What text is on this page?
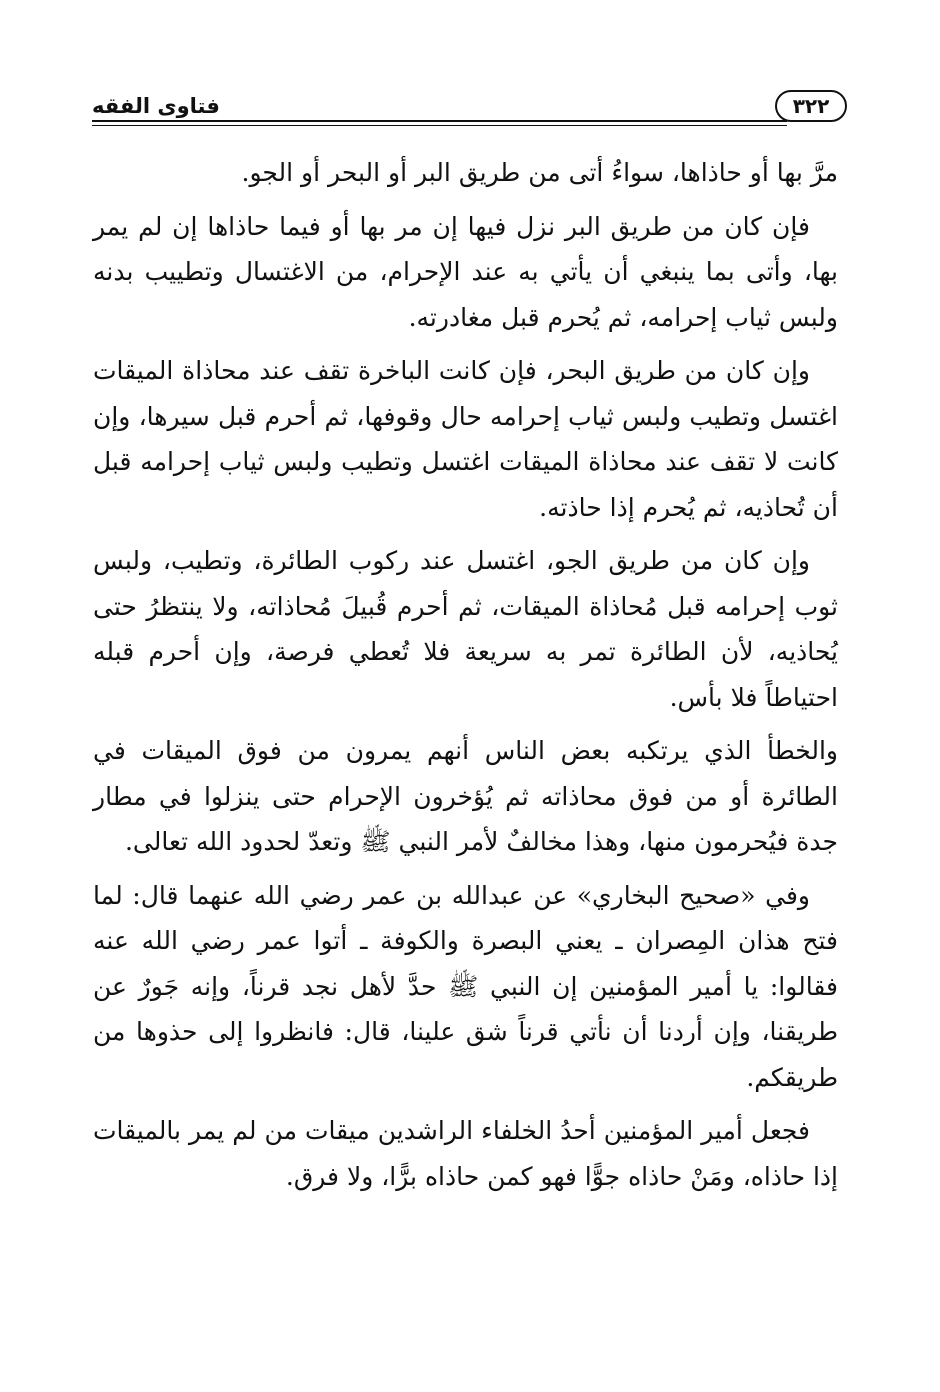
فتاوى الفقه	٣٢٢

مرَّ بها أو حاذاها، سواءُ أتى من طريق البر أو البحر أو الجو.

فإن كان من طريق البر نزل فيها إن مر بها أو فيما حاذاها إن لم يمر بها، وأتى بما ينبغي أن يأتي به عند الإحرام، من الاغتسال وتطييب بدنه ولبس ثياب إحرامه، ثم يُحرم قبل مغادرته.

وإن كان من طريق البحر، فإن كانت الباخرة تقف عند محاذاة الميقات اغتسل وتطيب ولبس ثياب إحرامه حال وقوفها، ثم أحرم قبل سيرها، وإن كانت لا تقف عند محاذاة الميقات اغتسل وتطيب ولبس ثياب إحرامه قبل أن تُحاذيه، ثم يُحرم إذا حاذته.

وإن كان من طريق الجو، اغتسل عند ركوب الطائرة، وتطيب، ولبس ثوب إحرامه قبل مُحاذاة الميقات، ثم أحرم قُبيلَ مُحاذاته، ولا ينتظرُ حتى يُحاذيه، لأن الطائرة تمر به سريعة فلا تُعطي فرصة، وإن أحرم قبله احتياطاً فلا بأس.

والخطأ الذي يرتكبه بعض الناس أنهم يمرون من فوق الميقات في الطائرة أو من فوق محاذاته ثم يُؤخرون الإحرام حتى ينزلوا في مطار جدة فيُحرمون منها، وهذا مخالفٌ لأمر النبي ﷺ وتعدّ لحدود الله تعالى.

وفي «صحيح البخاري» عن عبدالله بن عمر رضي الله عنهما قال: لما فتح هذان المِصران ـ يعني البصرة والكوفة ـ أتوا عمر رضي الله عنه فقالوا: يا أمير المؤمنين إن النبي ﷺ حدَّ لأهل نجد قرناً، وإنه جَورٌ عن طريقنا، وإن أردنا أن نأتي قرناً شق علينا، قال: فانظروا إلى حذوها من طريقكم.

فجعل أمير المؤمنين أحدُ الخلفاء الراشدين ميقات من لم يمر بالميقات إذا حاذاه، ومَنْ حاذاه جوًّا فهو كمن حاذاه برًّا، ولا فرق.
